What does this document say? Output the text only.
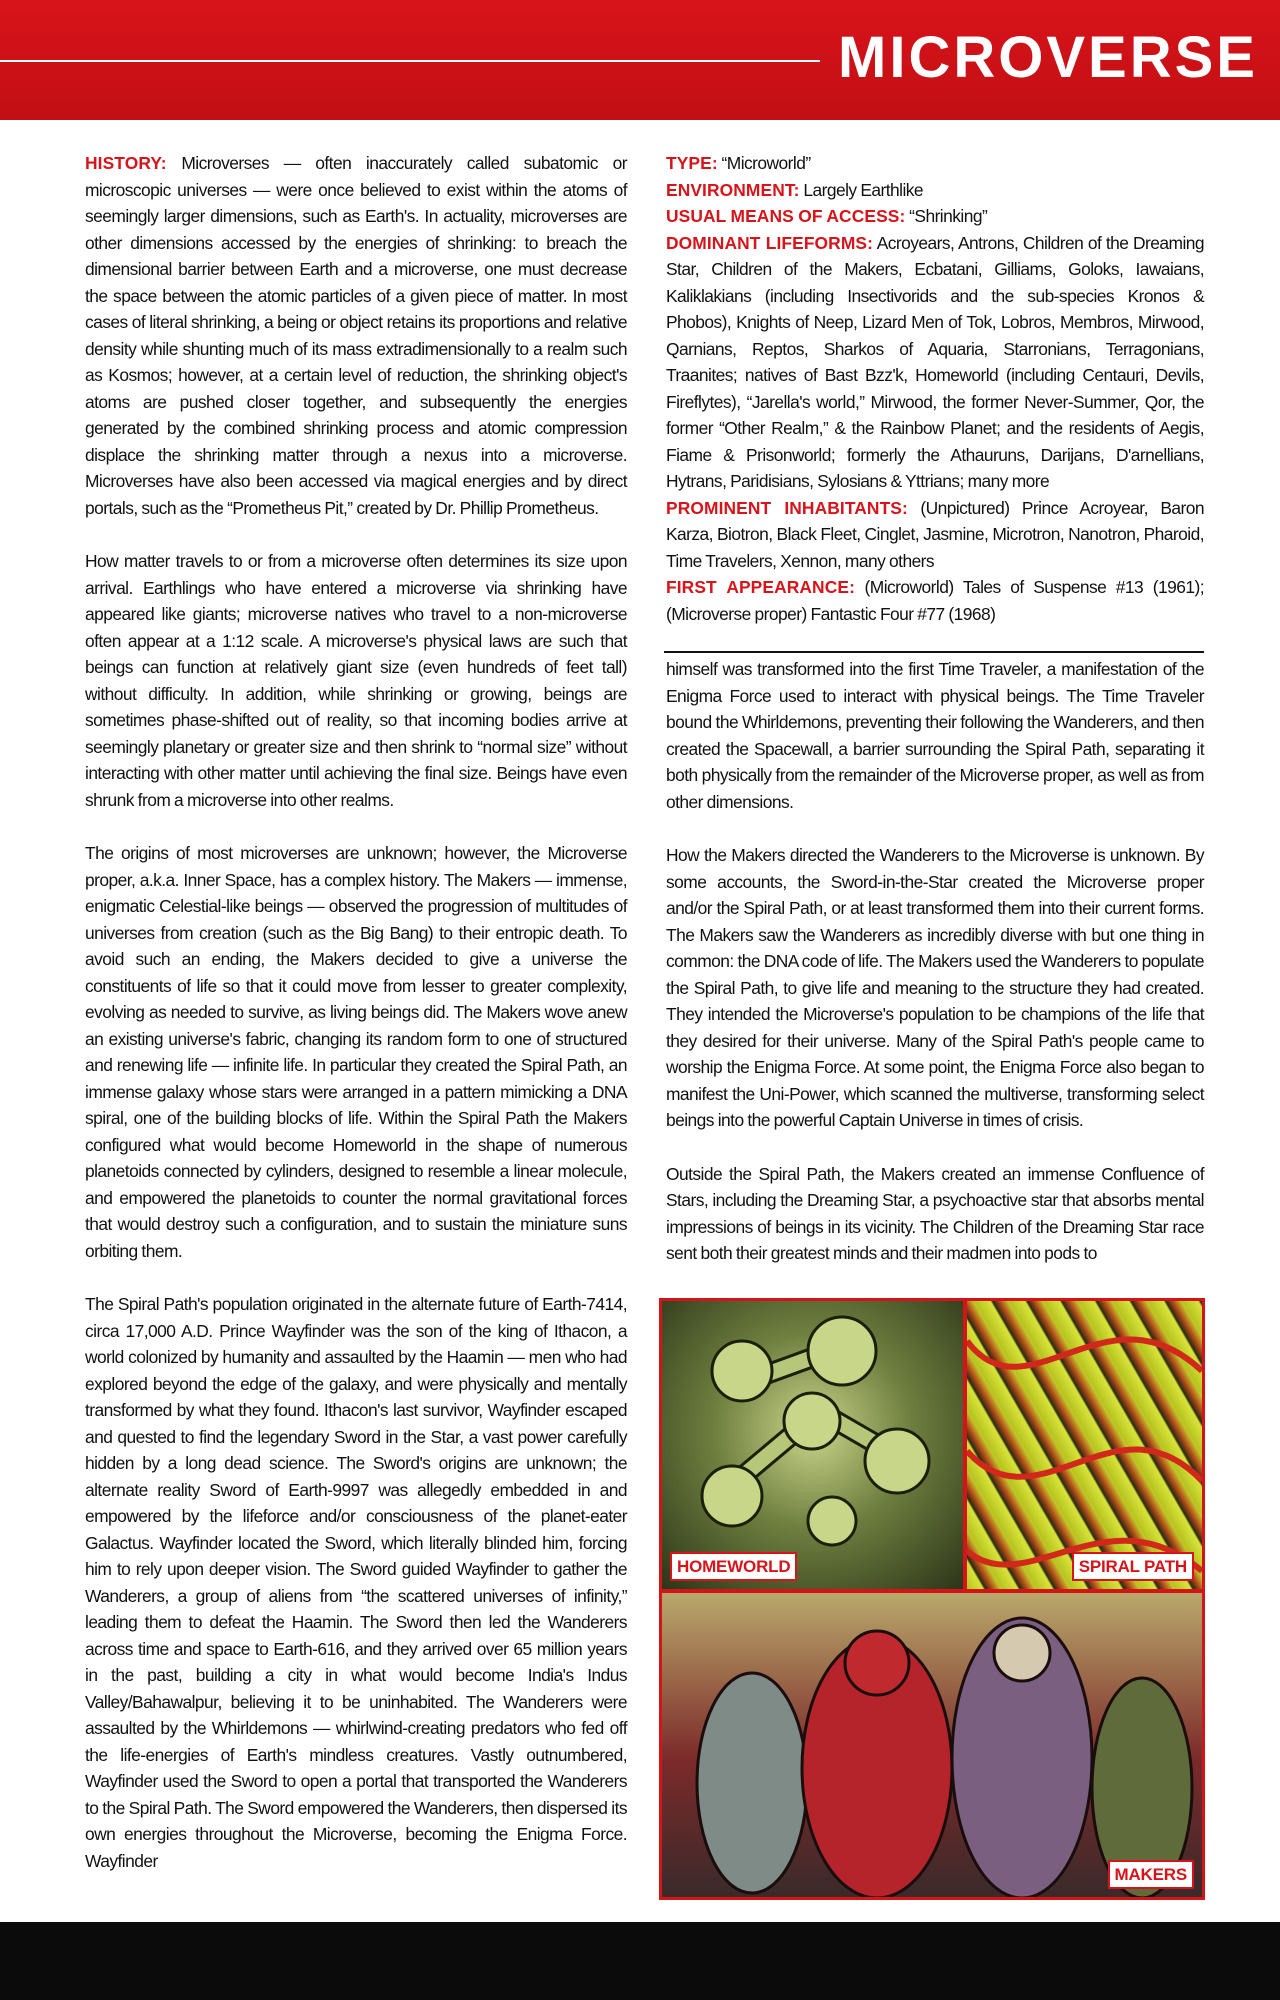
MICROVERSE

HISTORY: Microverses — often inaccurately called subatomic or microscopic universes — were once believed to exist within the atoms of seemingly larger dimensions, such as Earth's. In actuality, microverses are other dimensions accessed by the energies of shrinking: to breach the dimensional barrier between Earth and a microverse, one must decrease the space between the atomic particles of a given piece of matter. In most cases of literal shrinking, a being or object retains its proportions and relative density while shunting much of its mass extradimensionally to a realm such as Kosmos; however, at a certain level of reduction, the shrinking object's atoms are pushed closer together, and subsequently the energies generated by the combined shrinking process and atomic compression displace the shrinking matter through a nexus into a microverse. Microverses have also been accessed via magical energies and by direct portals, such as the “Prometheus Pit,” created by Dr. Phillip Prometheus.

How matter travels to or from a microverse often determines its size upon arrival. Earthlings who have entered a microverse via shrinking have appeared like giants; microverse natives who travel to a non-microverse often appear at a 1:12 scale. A microverse's physical laws are such that beings can function at relatively giant size (even hundreds of feet tall) without difficulty. In addition, while shrinking or growing, beings are sometimes phase-shifted out of reality, so that incoming bodies arrive at seemingly planetary or greater size and then shrink to “normal size” without interacting with other matter until achieving the final size. Beings have even shrunk from a microverse into other realms.

The origins of most microverses are unknown; however, the Microverse proper, a.k.a. Inner Space, has a complex history. The Makers — immense, enigmatic Celestial-like beings — observed the progression of multitudes of universes from creation (such as the Big Bang) to their entropic death. To avoid such an ending, the Makers decided to give a universe the constituents of life so that it could move from lesser to greater complexity, evolving as needed to survive, as living beings did. The Makers wove anew an existing universe's fabric, changing its random form to one of structured and renewing life — infinite life. In particular they created the Spiral Path, an immense galaxy whose stars were arranged in a pattern mimicking a DNA spiral, one of the building blocks of life. Within the Spiral Path the Makers configured what would become Homeworld in the shape of numerous planetoids connected by cylinders, designed to resemble a linear molecule, and empowered the planetoids to counter the normal gravitational forces that would destroy such a configuration, and to sustain the miniature suns orbiting them.

The Spiral Path's population originated in the alternate future of Earth-7414, circa 17,000 A.D. Prince Wayfinder was the son of the king of Ithacon, a world colonized by humanity and assaulted by the Haamin — men who had explored beyond the edge of the galaxy, and were physically and mentally transformed by what they found. Ithacon's last survivor, Wayfinder escaped and quested to find the legendary Sword in the Star, a vast power carefully hidden by a long dead science. The Sword's origins are unknown; the alternate reality Sword of Earth-9997 was allegedly embedded in and empowered by the lifeforce and/or consciousness of the planet-eater Galactus. Wayfinder located the Sword, which literally blinded him, forcing him to rely upon deeper vision. The Sword guided Wayfinder to gather the Wanderers, a group of aliens from “the scattered universes of infinity,” leading them to defeat the Haamin. The Sword then led the Wanderers across time and space to Earth-616, and they arrived over 65 million years in the past, building a city in what would become India's Indus Valley/Bahawalpur, believing it to be uninhabited. The Wanderers were assaulted by the Whirldemons — whirlwind-creating predators who fed off the life-energies of Earth's mindless creatures. Vastly outnumbered, Wayfinder used the Sword to open a portal that transported the Wanderers to the Spiral Path. The Sword empowered the Wanderers, then dispersed its own energies throughout the Microverse, becoming the Enigma Force. Wayfinder

TYPE: “Microworld”
ENVIRONMENT: Largely Earthlike
USUAL MEANS OF ACCESS: “Shrinking”
DOMINANT LIFEFORMS: Acroyears, Antrons, Children of the Dreaming Star, Children of the Makers, Ecbatani, Gilliams, Goloks, Iawaians, Kaliklakians (including Insectivorids and the sub-species Kronos & Phobos), Knights of Neep, Lizard Men of Tok, Lobros, Membros, Mirwood, Qarnians, Reptos, Sharkos of Aquaria, Starronians, Terragonians, Traanites; natives of Bast Bzz'k, Homeworld (including Centauri, Devils, Fireflytes), “Jarella's world,” Mirwood, the former Never-Summer, Qor, the former “Other Realm,” & the Rainbow Planet; and the residents of Aegis, Fiame & Prisonworld; formerly the Athauruns, Darijans, D'arnellians, Hytrans, Paridisians, Sylosians & Yttrians; many more
PROMINENT INHABITANTS: (Unpictured) Prince Acroyear, Baron Karza, Biotron, Black Fleet, Cinglet, Jasmine, Microtron, Nanotron, Pharoid, Time Travelers, Xennon, many others
FIRST APPEARANCE: (Microworld) Tales of Suspense #13 (1961); (Microverse proper) Fantastic Four #77 (1968)

himself was transformed into the first Time Traveler, a manifestation of the Enigma Force used to interact with physical beings. The Time Traveler bound the Whirldemons, preventing their following the Wanderers, and then created the Spacewall, a barrier surrounding the Spiral Path, separating it both physically from the remainder of the Microverse proper, as well as from other dimensions.

How the Makers directed the Wanderers to the Microverse is unknown. By some accounts, the Sword-in-the-Star created the Microverse proper and/or the Spiral Path, or at least transformed them into their current forms. The Makers saw the Wanderers as incredibly diverse with but one thing in common: the DNA code of life. The Makers used the Wanderers to populate the Spiral Path, to give life and meaning to the structure they had created. They intended the Microverse's population to be champions of the life that they desired for their universe. Many of the Spiral Path's people came to worship the Enigma Force. At some point, the Enigma Force also began to manifest the Uni-Power, which scanned the multiverse, transforming select beings into the powerful Captain Universe in times of crisis.

Outside the Spiral Path, the Makers created an immense Confluence of Stars, including the Dreaming Star, a psychoactive star that absorbs mental impressions of beings in its vicinity. The Children of the Dreaming Star race sent both their greatest minds and their madmen into pods to

HOMEWORLD	SPIRAL PATH
MAKERS
